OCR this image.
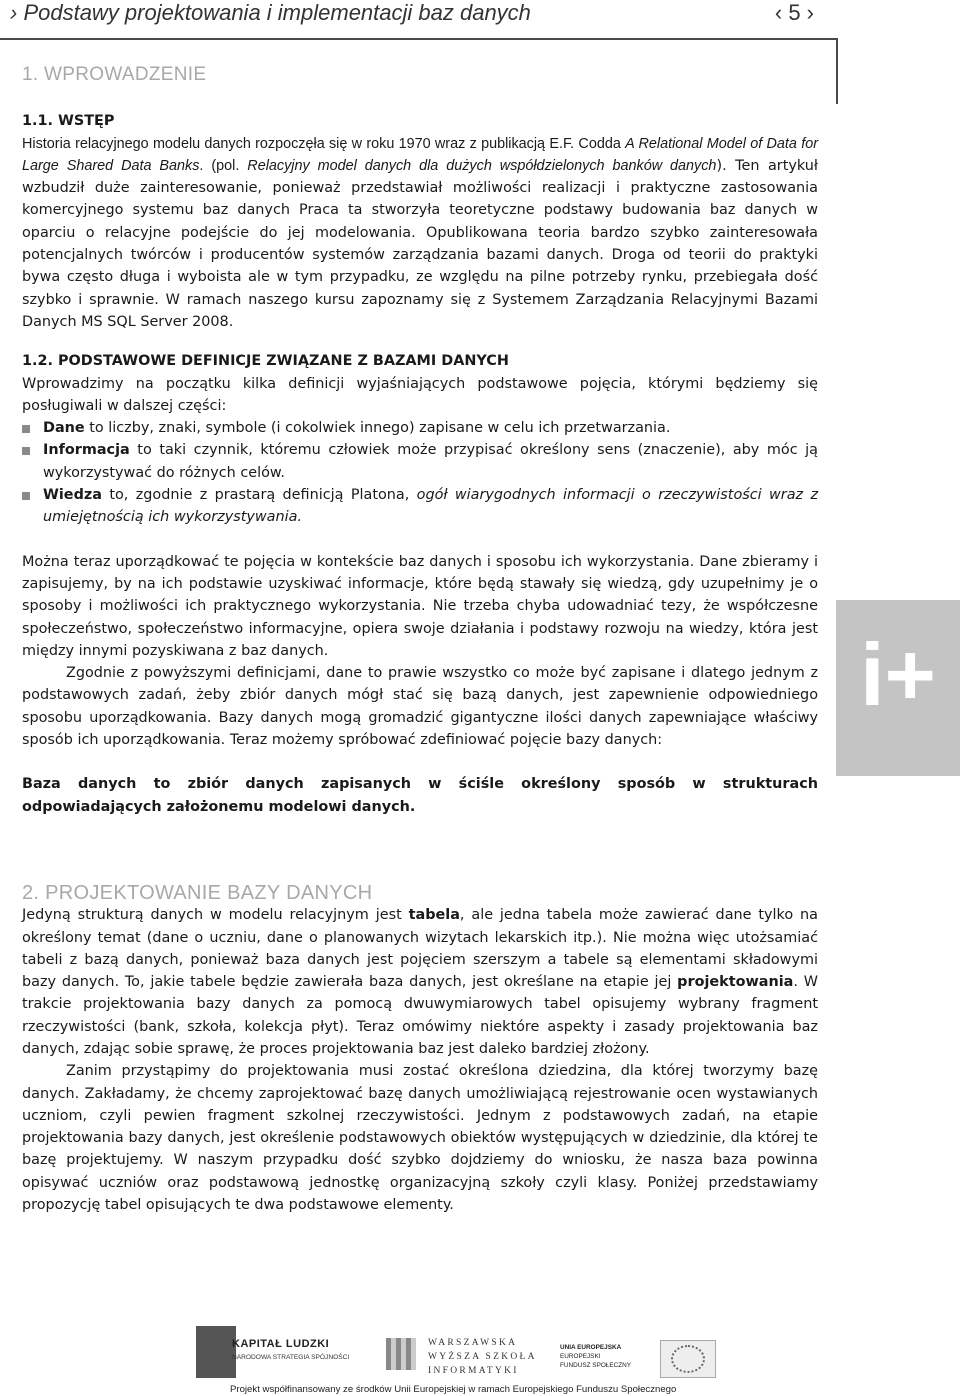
› Podstawy projektowania i implementacji baz danych	‹ 5 ›
1. WPROWADZENIE
1.1. WSTĘP

Historia relacyjnego modelu danych rozpoczęła się w roku 1970 wraz z publikacją E.F. Codda A Relational Model of Data for Large Shared Data Banks. (pol. Relacyjny model danych dla dużych współdzielonych banków danych). Ten artykuł wzbudził duże zainteresowanie, ponieważ przedstawiał możliwości realizacji i praktyczne zastosowania komercyjnego systemu baz danych Praca ta stworzyła teoretyczne podstawy budowania baz danych w oparciu o relacyjne podejście do jej modelowania. Opublikowana teoria bardzo szybko zainteresowała potencjalnych twórców i producentów systemów zarządzania bazami danych. Droga od teorii do praktyki bywa często długa i wyboista ale w tym przypadku, ze względu na pilne potrzeby rynku, przebiegała dość szybko i sprawnie. W ramach naszego kursu zapoznamy się z Systemem Zarządzania Relacyjnymi Bazami Danych MS SQL Server 2008.

1.2. PODSTAWOWE DEFINICJE ZWIĄZANE Z BAZAMI DANYCH

Wprowadzimy na początku kilka definicji wyjaśniających podstawowe pojęcia, którymi będziemy się posługiwali w dalszej części:

Dane to liczby, znaki, symbole (i cokolwiek innego) zapisane w celu ich przetwarzania.
Informacja to taki czynnik, któremu człowiek może przypisać określony sens (znaczenie), aby móc ją wykorzystywać do różnych celów.
Wiedza to, zgodnie z prastarą definicją Platona, ogół wiarygodnych informacji o rzeczywistości wraz z umiejętnością ich wykorzystywania.

Można teraz uporządkować te pojęcia w kontekście baz danych i sposobu ich wykorzystania. Dane zbieramy i zapisujemy, by na ich podstawie uzyskiwać informacje, które będą stawały się wiedzą, gdy uzupełnimy je o sposoby i możliwości ich praktycznego wykorzystania. Nie trzeba chyba udowadniać tezy, że współczesne społeczeństwo, społeczeństwo informacyjne, opiera swoje działania i podstawy rozwoju na wiedzy, która jest między innymi pozyskiwana z baz danych.

Zgodnie z powyższymi definicjami, dane to prawie wszystko co może być zapisane i dlatego jednym z podstawowych zadań, żeby zbiór danych mógł stać się bazą danych, jest zapewnienie odpowiedniego sposobu uporządkowania. Bazy danych mogą gromadzić gigantyczne ilości danych zapewniające właściwy sposób ich uporządkowania. Teraz możemy spróbować zdefiniować pojęcie bazy danych:

Baza danych to zbiór danych zapisanych w ściśle określony sposób w strukturach odpowiadających założonemu modelowi danych.

2. PROJEKTOWANIE BAZY DANYCH

Jedyną strukturą danych w modelu relacyjnym jest tabela, ale jedna tabela może zawierać dane tylko na określony temat (dane o uczniu, dane o planowanych wizytach lekarskich itp.). Nie można więc utożsamiać tabeli z bazą danych, ponieważ baza danych jest pojęciem szerszym a tabele są elementami składowymi bazy danych. To, jakie tabele będzie zawierała baza danych, jest określane na etapie jej projektowania. W trakcie projektowania bazy danych za pomocą dwuwymiarowych tabel opisujemy wybrany fragment rzeczywistości (bank, szkoła, kolekcja płyt). Teraz omówimy niektóre aspekty i zasady projektowania baz danych, zdając sobie sprawę, że proces projektowania baz jest daleko bardziej złożony.

Zanim przystąpimy do projektowania musi zostać określona dziedzina, dla której tworzymy bazę danych. Zakładamy, że chcemy zaprojektować bazę danych umożliwiającą rejestrowanie ocen wystawianych uczniom, czyli pewien fragment szkolnej rzeczywistości. Jednym z podstawowych zadań, na etapie projektowania bazy danych, jest określenie podstawowych obiektów występujących w dziedzinie, dla której te bazę projektujemy. W naszym przypadku dość szybko dojdziemy do wniosku, że nasza baza powinna opisywać uczniów oraz podstawową jednostkę organizacyjną szkoły czyli klasy. Poniżej przedstawiamy propozycję tabel opisujących te dwa podstawowe elementy.

i+
KAPITAŁ LUDZKI
NARODOWA STRATEGIA SPÓJNOŚCI
WARSZAWSKA
WYŻSZA SZKOŁA
INFORMATYKI
UNIA EUROPEJSKA
EUROPEJSKI
FUNDUSZ SPOŁECZNY
Projekt współfinansowany ze środków Unii Europejskiej w ramach Europejskiego Funduszu Społecznego
